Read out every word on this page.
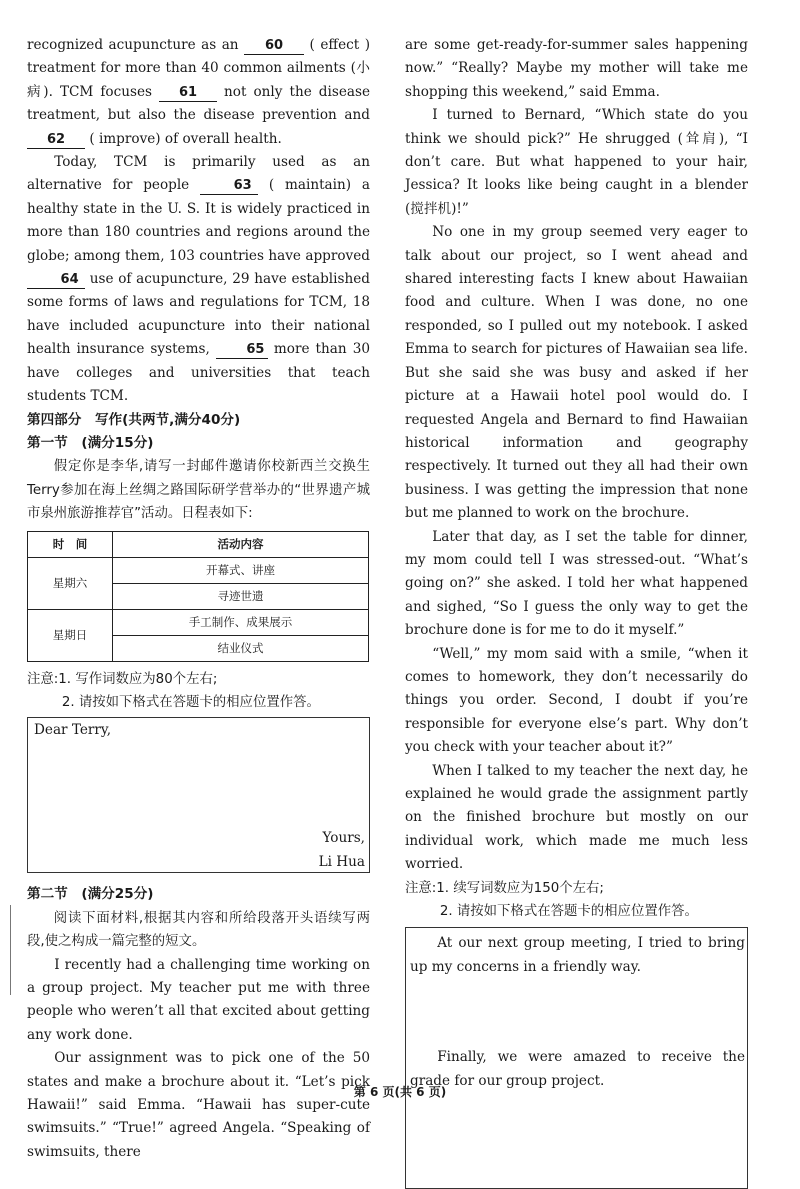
recognized acupuncture as an 60 ( effect ) treatment for more than 40 common ailments (小病). TCM focuses 61 not only the disease treatment, but also the disease prevention and 62 ( improve) of overall health.

Today, TCM is primarily used as an alternative for people	63 ( maintain) a healthy state in the U. S. It is widely practiced in more than 180 countries and regions around the globe; among them, 103 countries have approved 64 use of acupuncture, 29 have established some forms of laws and regulations for TCM, 18 have included acupuncture into their national health insurance systems, 65 more than 30 have colleges and universities that teach students TCM.

第四部分　写作(共两节,满分40分)
第一节　(满分15分)

假定你是李华,请写一封邮件邀请你校新西兰交换生Terry参加在海上丝绸之路国际研学营举办的“世界遗产城市泉州旅游推荐官”活动。日程表如下:

时　间	活动内容
星期六	开幕式、讲座
	寻迹世遗
星期日	手工制作、成果展示
	结业仪式

注意:1. 写作词数应为80个左右;

2. 请按如下格式在答题卡的相应位置作答。

Dear Terry,
Yours,
Li Hua
第二节　(满分25分)

阅读下面材料,根据其内容和所给段落开头语续写两段,使之构成一篇完整的短文。

I recently had a challenging time working on a group project. My teacher put me with three people who weren’t all that excited about getting any work done.

Our assignment was to pick one of the 50 states and make a brochure about it. “Let’s pick Hawaii!” said Emma. “Hawaii has super-cute swimsuits.” “True!” agreed Angela. “Speaking of swimsuits, there

are some get-ready-for-summer sales happening now.” “Really? Maybe my mother will take me shopping this weekend,” said Emma.

I turned to Bernard, “Which state do you think we should pick?” He shrugged (耸肩), “I don’t care. But what happened to your hair, Jessica? It looks like being caught in a blender (搅拌机)!”

No one in my group seemed very eager to talk about our project, so I went ahead and shared interesting facts I knew about Hawaiian food and culture. When I was done, no one responded, so I pulled out my notebook. I asked Emma to search for pictures of Hawaiian sea life. But she said she was busy and asked if her picture at a Hawaii hotel pool would do. I requested Angela and Bernard to find Hawaiian historical information and geography respectively. It turned out they all had their own business. I was getting the impression that none but me planned to work on the brochure.

Later that day, as I set the table for dinner, my mom could tell I was stressed-out. “What’s going on?” she asked. I told her what happened and sighed, “So I guess the only way to get the brochure done is for me to do it myself.”

“Well,” my mom said with a smile, “when it comes to homework, they don’t necessarily do things you order. Second, I doubt if you’re responsible for everyone else’s part. Why don’t you check with your teacher about it?”

When I talked to my teacher the next day, he explained he would grade the assignment partly on the finished brochure but mostly on our individual work, which made me much less worried.

注意:1. 续写词数应为150个左右;

2. 请按如下格式在答题卡的相应位置作答。

At our next group meeting, I tried to bring up my concerns in a friendly way.

Finally, we were amazed to receive the grade for our group project.

第 6 页(共 6 页)
